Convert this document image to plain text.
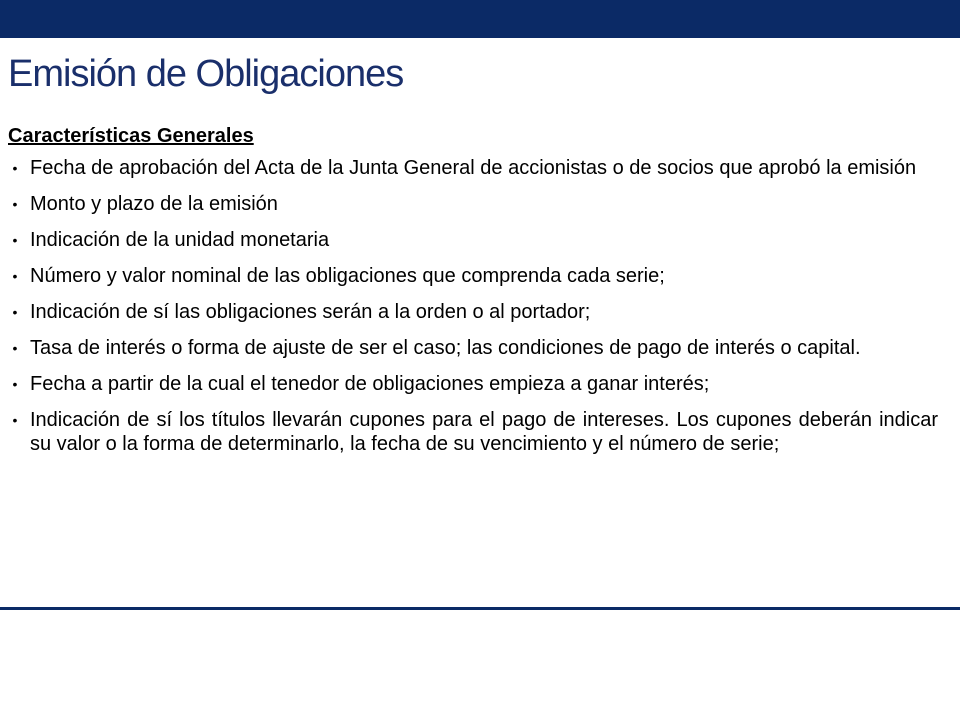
Emisión de Obligaciones
Características Generales
• Fecha de aprobación del Acta de la Junta General de accionistas o de socios que aprobó la emisión
• Monto y plazo de la emisión
• Indicación de la unidad monetaria
• Número y valor nominal de las obligaciones que comprenda cada serie;
• Indicación de sí las obligaciones serán a la orden o al portador;
• Tasa de interés o forma de ajuste de ser el caso; las condiciones de pago de interés o capital.
• Fecha a partir de la cual el tenedor de obligaciones empieza a ganar interés;
• Indicación de sí los títulos llevarán cupones para el pago de intereses. Los cupones deberán indicar su valor o la forma de determinarlo, la fecha de su vencimiento y el número de serie;
